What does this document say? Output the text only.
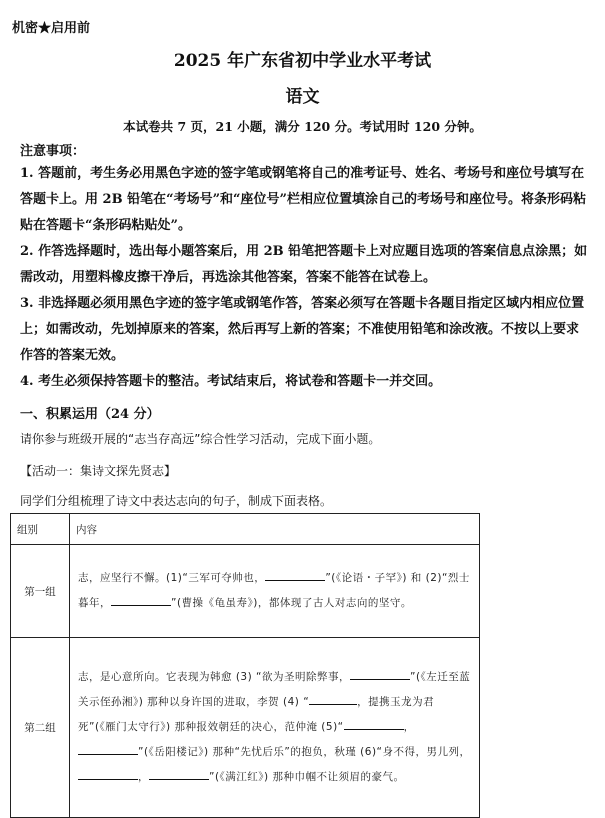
机密★启用前
2025 年广东省初中学业水平考试
语文
本试卷共 7 页，21 小题，满分 120 分。考试用时 120 分钟。
注意事项：

1. 答题前，考生务必用黑色字迹的签字笔或钢笔将自己的准考证号、姓名、考场号和座位号填写在答题卡上。用 2B 铅笔在“考场号”和“座位号”栏相应位置填涂自己的考场号和座位号。将条形码粘贴在答题卡“条形码粘贴处”。

2. 作答选择题时，选出每小题答案后，用 2B 铅笔把答题卡上对应题目选项的答案信息点涂黑；如需改动，用塑料橡皮擦干净后，再选涂其他答案，答案不能答在试卷上。

3. 非选择题必须用黑色字迹的签字笔或钢笔作答，答案必须写在答题卡各题目指定区域内相应位置上；如需改动，先划掉原来的答案，然后再写上新的答案；不准使用铅笔和涂改液。不按以上要求作答的答案无效。

4. 考生必须保持答题卡的整洁。考试结束后，将试卷和答题卡一并交回。

一、积累运用（24 分）
请你参与班级开展的“志当存高远”综合性学习活动，完成下面小题。
【活动一：集诗文探先贤志】
同学们分组梳理了诗文中表达志向的句子，制成下面表格。
组别	内容
第一组	志，应坚行不懈。(1)“三军可夺帅也， ”(《论语・子罕》) 和 (2)“烈士暮年， ”(曹操《龟虽寿》)，都体现了古人对志向的坚守。
第二组	志，是心意所向。它表现为韩愈 (3) “欲为圣明除弊事， ”(《左迁至蓝关示侄孙湘》) 那种以身许国的进取，李贺 (4) “ ，提携玉龙为君死”(《雁门太守行》) 那种报效朝廷的决心，范仲淹 (5)“ ，”(《岳阳楼记》) 那种“先忧后乐”的抱负，秋瑾 (6)“身不得，男儿列，， ”(《满江红》) 那种巾帼不让须眉的豪气。
